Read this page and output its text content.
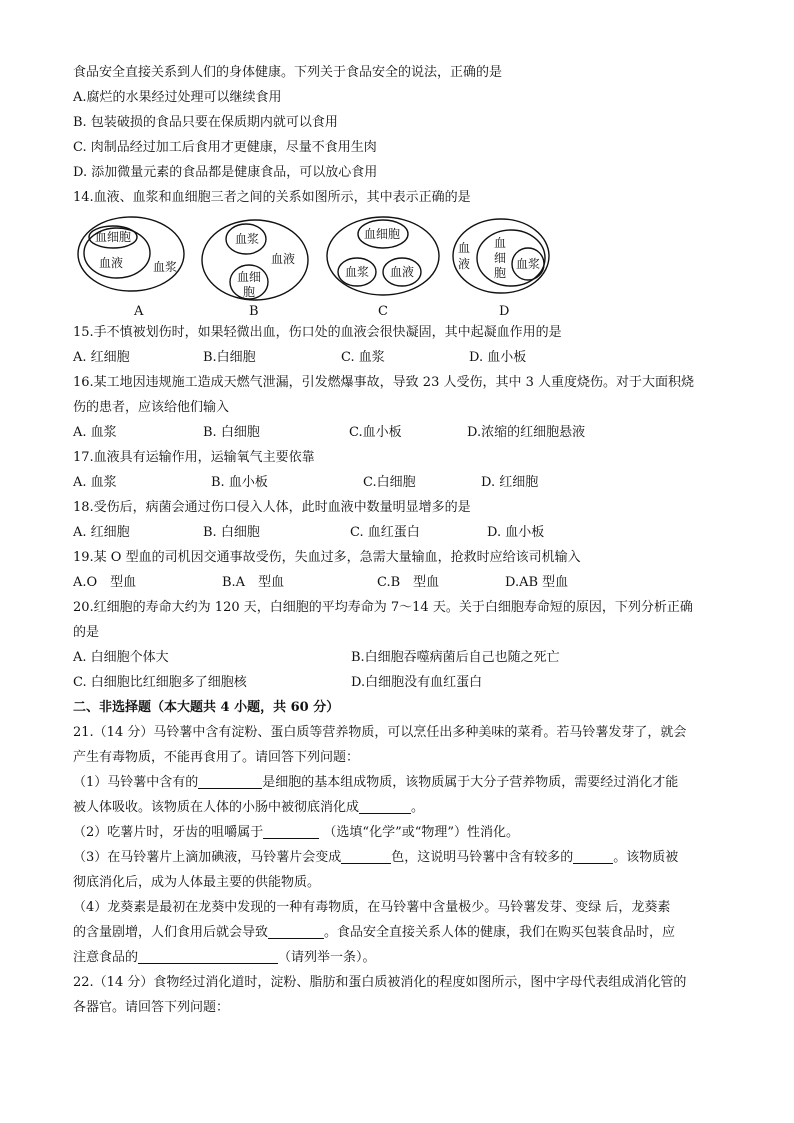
食品安全直接关系到人们的身体健康。下列关于食品安全的说法，正确的是
A.腐烂的水果经过处理可以继续食用
B. 包装破损的食品只要在保质期内就可以食用
C. 肉制品经过加工后食用才更健康，尽量不食用生肉
D. 添加微量元素的食品都是健康食品，可以放心食用
14.血液、血浆和血细胞三者之间的关系如图所示，其中表示正确的是
血细胞
血液 血浆
A
血浆
血液
血细
胞
B
血细胞
血浆 血液
C
血
液
血
细
胞
血浆
D
15.手不慎被划伤时，如果轻微出血，伤口处的血液会很快凝固，其中起凝血作用的是
A. 红细胞	B.白细胞	C. 血浆	D. 血小板
16.某工地因违规施工造成天燃气泄漏，引发燃爆事故，导致 23 人受伤，其中 3 人重度烧伤。对于大面积烧
伤的患者，应该给他们输入
A. 血浆	B. 白细胞	C.血小板	D.浓缩的红细胞悬液
17.血液具有运输作用，运输氧气主要依靠
A. 血浆	B. 血小板	C.白细胞	D. 红细胞
18.受伤后，病菌会通过伤口侵入人体，此时血液中数量明显增多的是
A. 红细胞	B. 白细胞	C. 血红蛋白	D. 血小板
19.某 O 型血的司机因交通事故受伤，失血过多，急需大量输血，抢救时应给该司机输入
A.O　型血	B.A　型血	C.B　型血	D.AB 型血
20.红细胞的寿命大约为 120 天，白细胞的平均寿命为 7～14 天。关于白细胞寿命短的原因，下列分析正确
的是
A. 白细胞个体大	B.白细胞吞噬病菌后自己也随之死亡
C. 白细胞比红细胞多了细胞核	D.白细胞没有血红蛋白
二、非选择题（本大题共 4 小题，共 60 分）
21.（14 分）马铃薯中含有淀粉、蛋白质等营养物质，可以烹任出多种美味的菜肴。若马铃薯发芽了，就会
产生有毒物质，不能再食用了。请回答下列问题：
（1）马铃薯中含有的	是细胞的基本组成物质，该物质属于大分子营养物质，需要经过消化才能
被人体吸收。该物质在人体的小肠中被彻底消化成	。
（2）吃薯片时，牙齿的咀嚼属于	（选填“化学”或“物理”）性消化。
（3）在马铃薯片上滴加碘液，马铃薯片会变成	色，这说明马铃薯中含有较多的	。该物质被
彻底消化后，成为人体最主要的供能物质。
（4）龙葵素是最初在龙葵中发现的一种有毒物质，在马铃薯中含量极少。马铃薯发芽、变绿 后，龙葵素
的含量剧增，人们食用后就会导致	。食品安全直接关系人体的健康，我们在购买包装食品时，应
注意食品的	（请列举一条）。
22.（14 分）食物经过消化道时，淀粉、脂肪和蛋白质被消化的程度如图所示，图中字母代表组成消化管的
各器官。请回答下列问题：
